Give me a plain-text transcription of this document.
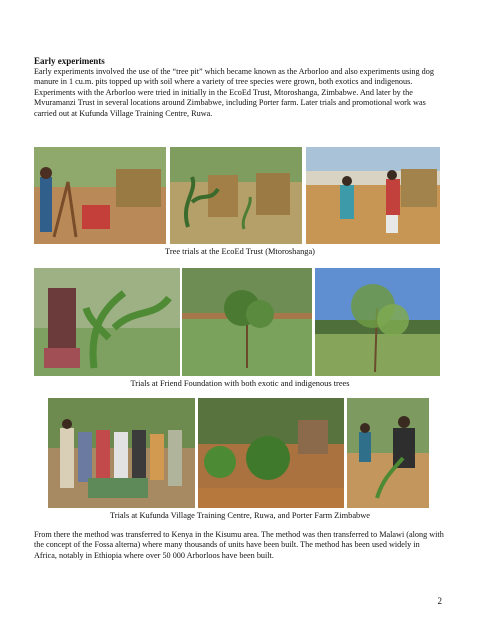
Early experiments

Early experiments involved the use of the “tree pit” which became known as the Arborloo and also experiments using dog manure in 1 cu.m. pits topped up with soil where a variety of tree species were grown, both exotics and indigenous. Experiments with the Arborloo were tried in initially in the EcoEd Trust, Mtoroshanga, Zimbabwe. And later by the Mvuramanzi Trust in several locations around Zimbabwe, including Porter farm. Later trials and promotional work was carried out at Kufunda Village Training Centre, Ruwa.

Tree trials at the EcoEd Trust (Mtoroshanga)

Trials at Friend Foundation with both exotic and indigenous trees

Trials at Kufunda Village Training Centre, Ruwa, and Porter Farm Zimbabwe

From there the method was transferred to Kenya in the Kisumu area. The method was then transferred to Malawi (along with the concept of the Fossa alterna) where many thousands of units have been built. The method has been used widely in Africa, notably in Ethiopia where over 50 000 Arborloos have been built.

2
